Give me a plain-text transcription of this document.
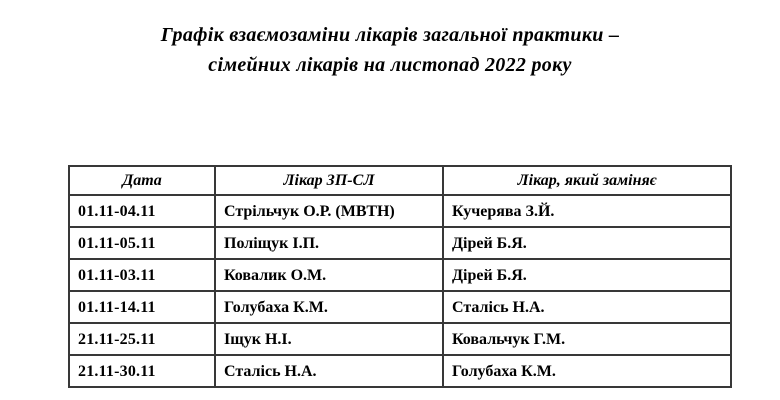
Графік взаємозаміни лікарів загальної практики –
сімейних лікарів на листопад 2022 року
Дата	Лікар ЗП-СЛ	Лікар, який заміняє
01.11-04.11	Стрільчук О.Р. (МВТН)	Кучерява З.Й.
01.11-05.11	Поліщук І.П.	Дірей Б.Я.
01.11-03.11	Ковалик О.М.	Дірей Б.Я.
01.11-14.11	Голубаха К.М.	Сталісь Н.А.
21.11-25.11	Іщук Н.І.	Ковальчук Г.М.
21.11-30.11	Сталісь Н.А.	Голубаха К.М.
